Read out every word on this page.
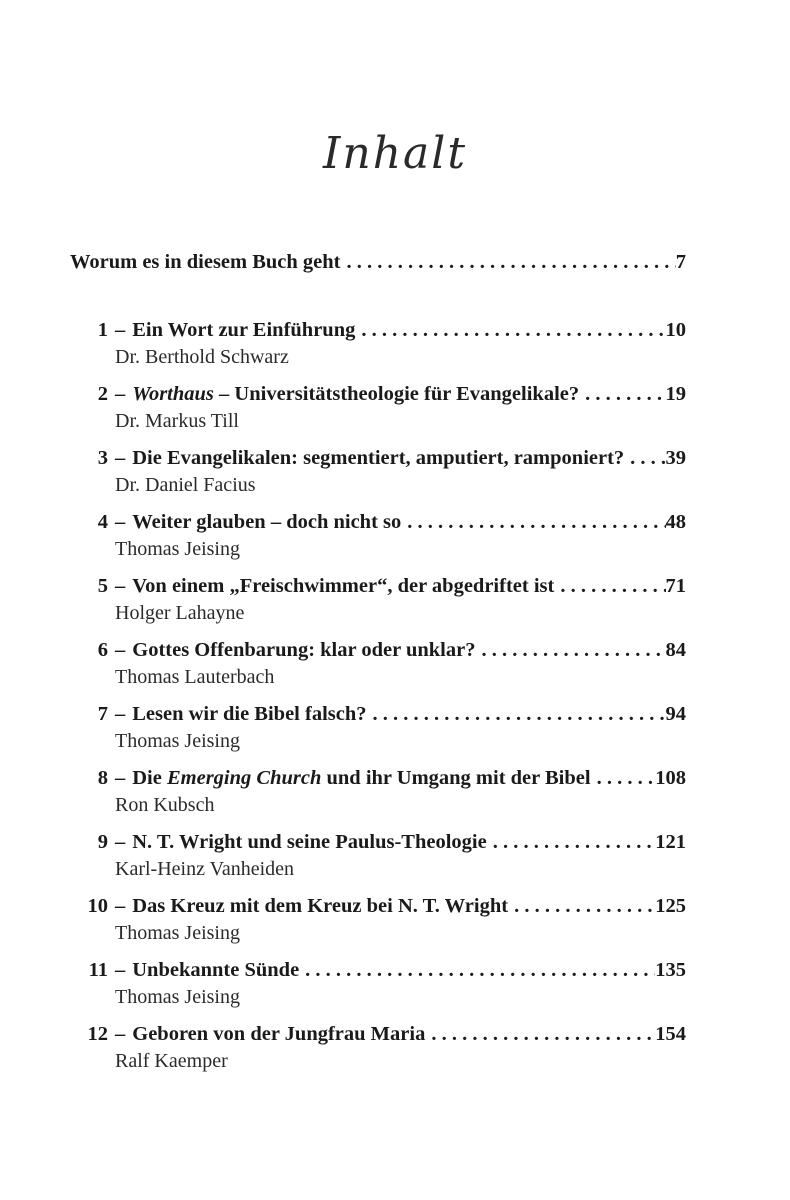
Inhalt
Worum es in diesem Buch geht . . .	7
1 – Ein Wort zur Einführung . . .	10
Dr. Berthold Schwarz
2 – Worthaus – Universitätstheologie für Evangelikale? . . .	19
Dr. Markus Till
3 – Die Evangelikalen: segmentiert, amputiert, ramponiert? . . . 39
Dr. Daniel Facius
4 – Weiter glauben – doch nicht so . . .	48
Thomas Jeising
5 – Von einem „Freischwimmer“, der abgedriftet ist . . .	71
Holger Lahayne
6 – Gottes Offenbarung: klar oder unklar? . . .	84
Thomas Lauterbach
7 – Lesen wir die Bibel falsch? . . .	94
Thomas Jeising
8 – Die Emerging Church und ihr Umgang mit der Bibel . . .	108
Ron Kubsch
9 – N. T. Wright und seine Paulus-Theologie . . .	121
Karl-Heinz Vanheiden
10 – Das Kreuz mit dem Kreuz bei N. T. Wright . . .	125
Thomas Jeising
11 – Unbekannte Sünde . . .	135
Thomas Jeising
12 – Geboren von der Jungfrau Maria . . .	154
Ralf Kaemper
